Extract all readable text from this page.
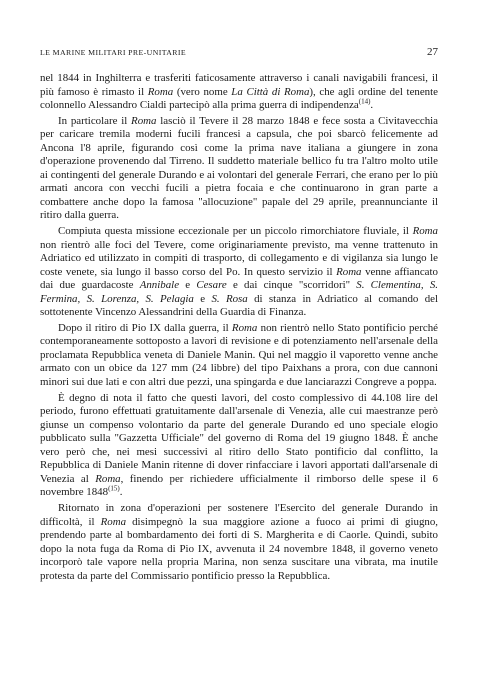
LE MARINE MILITARI PRE-UNITARIE	27

nel 1844 in Inghilterra e trasferiti faticosamente attraverso i canali navigabili francesi, il più famoso è rimasto il Roma (vero nome La Città di Roma), che agli ordine del tenente colonnello Alessandro Cialdi partecipò alla prima guerra di indipendenza$^{(14)}$.

In particolare il Roma lasciò il Tevere il 28 marzo 1848 e fece sosta a Civitavecchia per caricare tremila moderni fucili francesi a capsula, che poi sbarcò felicemente ad Ancona l'8 aprile, figurando così come la prima nave italiana a giungere in zona d'operazione provenendo dal Tirreno. Il suddetto materiale bellico fu tra l'altro molto utile ai contingenti del generale Durando e ai volontari del generale Ferrari, che erano per lo più armati ancora con vecchi fucili a pietra focaia e che continuarono in gran parte a combattere anche dopo la famosa "allocuzione" papale del 29 aprile, preannunciante il ritiro dalla guerra.

Compiuta questa missione eccezionale per un piccolo rimorchiatore fluviale, il Roma non rientrò alle foci del Tevere, come originariamente previsto, ma venne trattenuto in Adriatico ed utilizzato in compiti di trasporto, di collegamento e di vigilanza sia lungo le coste venete, sia lungo il basso corso del Po. In questo servizio il Roma venne affiancato dai due guardacoste Annibale e Cesare e dai cinque "scorridori" S. Clementina, S. Fermina, S. Lorenza, S. Pelagia e S. Rosa di stanza in Adriatico al comando del sottotenente Vincenzo Alessandrini della Guardia di Finanza.

Dopo il ritiro di Pio IX dalla guerra, il Roma non rientrò nello Stato pontificio perché contemporaneamente sottoposto a lavori di revisione e di potenziamento nell'arsenale della proclamata Repubblica veneta di Daniele Manin. Qui nel maggio il vaporetto venne anche armato con un obice da 127 mm (24 libbre) del tipo Paixhans a prora, con due cannoni minori sui due lati e con altri due pezzi, una spingarda e due lanciarazzi Congreve a poppa.

È degno di nota il fatto che questi lavori, del costo complessivo di 44.108 lire del periodo, furono effettuati gratuitamente dall'arsenale di Venezia, alle cui maestranze però giunse un compenso volontario da parte del generale Durando ed uno speciale elogio pubblicato sulla "Gazzetta Ufficiale" del governo di Roma del 19 giugno 1848. È anche vero però che, nei mesi successivi al ritiro dello Stato pontificio dal conflitto, la Repubblica di Daniele Manin ritenne di dover rinfacciare i lavori apportati dall'arsenale di Venezia al Roma, finendo per richiedere ufficialmente il rimborso delle spese il 6 novembre 1848$^{(15)}$.

Ritornato in zona d'operazioni per sostenere l'Esercito del generale Durando in difficoltà, il Roma disimpegnò la sua maggiore azione a fuoco ai primi di giugno, prendendo parte al bombardamento dei forti di S. Margherita e di Caorle. Quindi, subito dopo la nota fuga da Roma di Pio IX, avvenuta il 24 novembre 1848, il governo veneto incorporò tale vapore nella propria Marina, non senza suscitare una vibrata, ma inutile protesta da parte del Commissario pontificio presso la Repubblica.
